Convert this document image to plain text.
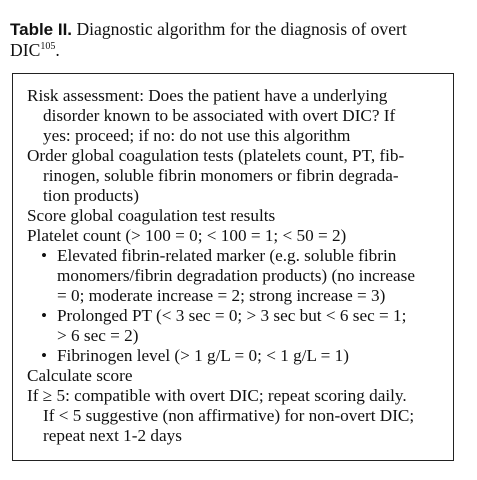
Table II. Diagnostic algorithm for the diagnosis of overt
DIC$^{105}$.
Risk assessment: Does the patient have a underlying
disorder known to be associated with overt DIC? If
yes: proceed; if no: do not use this algorithm
Order global coagulation tests (platelets count, PT, fib-
rinogen, soluble fibrin monomers or fibrin degrada-
tion products)
Score global coagulation test results
Platelet count (> 100 = 0; < 100 = 1; < 50 = 2)
• Elevated fibrin-related marker (e.g. soluble fibrin
monomers/fibrin degradation products) (no increase
= 0; moderate increase = 2; strong increase = 3)
• Prolonged PT (< 3 sec = 0; > 3 sec but < 6 sec = 1;
> 6 sec = 2)
• Fibrinogen level (> 1 g/L = 0; < 1 g/L = 1)
Calculate score
If ≥ 5: compatible with overt DIC; repeat scoring daily.
If < 5 suggestive (non affirmative) for non-overt DIC;
repeat next 1-2 days
